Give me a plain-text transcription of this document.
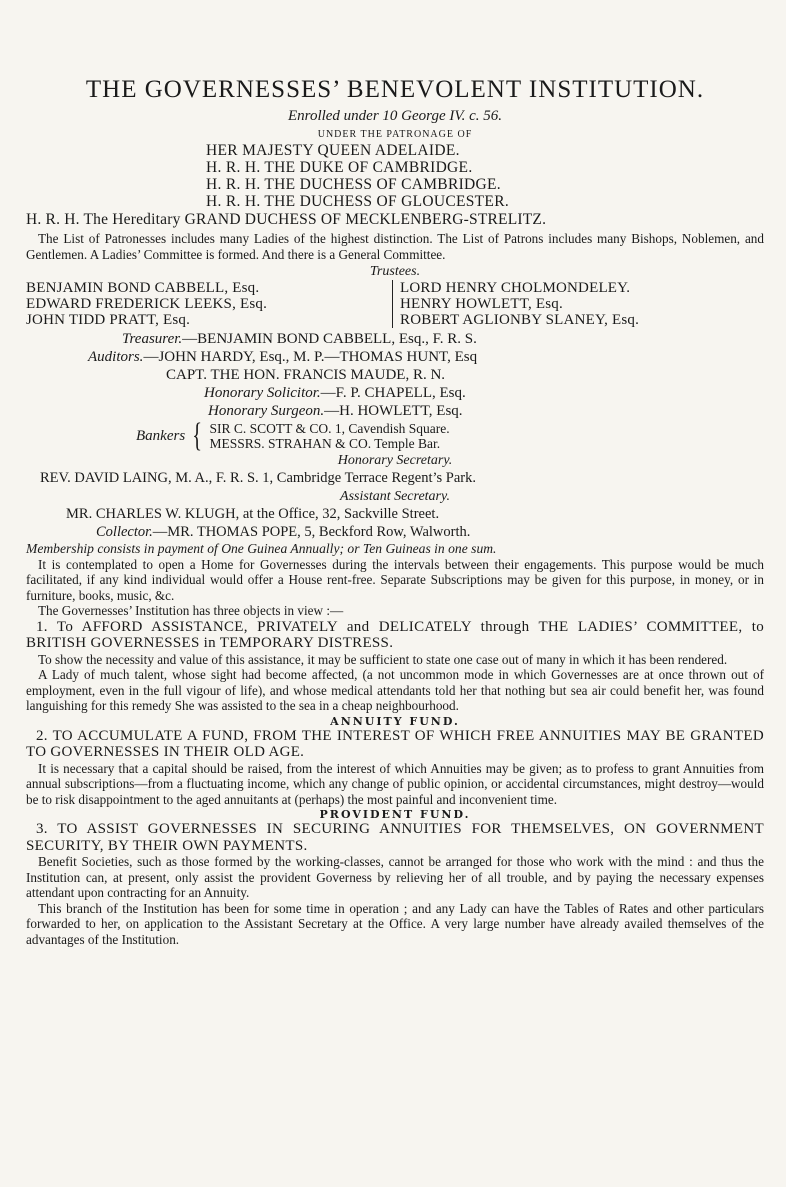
THE GOVERNESSES’ BENEVOLENT INSTITUTION.

Enrolled under 10 George IV. c. 56.

UNDER THE PATRONAGE OF

HER MAJESTY QUEEN ADELAIDE.
H. R. H. THE DUKE OF CAMBRIDGE.
H. R. H. THE DUCHESS OF CAMBRIDGE.
H. R. H. THE DUCHESS OF GLOUCESTER.

H. R. H. The Hereditary GRAND DUCHESS OF MECKLENBERG-STRELITZ.

The List of Patronesses includes many Ladies of the highest distinction. The List of Patrons includes many Bishops, Noblemen, and Gentlemen. A Ladies’ Committee is formed. And there is a General Committee.

Trustees.

BENJAMIN BOND CABBELL, Esq.
EDWARD FREDERICK LEEKS, Esq.
JOHN TIDD PRATT, Esq.
LORD HENRY CHOLMONDELEY.
HENRY HOWLETT, Esq.
ROBERT AGLIONBY SLANEY, Esq.

Treasurer.—BENJAMIN BOND CABBELL, Esq., F. R. S.

Auditors.—JOHN HARDY, Esq., M. P.—THOMAS HUNT, Esq

CAPT. THE HON. FRANCIS MAUDE, R. N.

Honorary Solicitor.—F. P. CHAPELL, Esq.

Honorary Surgeon.—H. HOWLETT, Esq.

Bankers { SIR C. SCOTT & CO. 1, Cavendish Square.
MESSRS. STRAHAN & CO. Temple Bar.

Honorary Secretary.

REV. DAVID LAING, M. A., F. R. S. 1, Cambridge Terrace Regent’s Park.

Assistant Secretary.

MR. CHARLES W. KLUGH, at the Office, 32, Sackville Street.

Collector.—MR. THOMAS POPE, 5, Beckford Row, Walworth.

Membership consists in payment of One Guinea Annually; or Ten Guineas in one sum.

It is contemplated to open a Home for Governesses during the intervals between their engagements. This purpose would be much facilitated, if any kind individual would offer a House rent-free. Separate Subscriptions may be given for this purpose, in money, or in furniture, books, music, &c.

The Governesses’ Institution has three objects in view :—

1. To AFFORD ASSISTANCE, PRIVATELY and DELICATELY through THE LADIES’ COMMITTEE, to BRITISH GOVERNESSES in TEMPORARY DISTRESS.

To show the necessity and value of this assistance, it may be sufficient to state one case out of many in which it has been rendered.

A Lady of much talent, whose sight had become affected, (a not uncommon mode in which Governesses are at once thrown out of employment, even in the full vigour of life), and whose medical attendants told her that nothing but sea air could benefit her, was found languishing for this remedy She was assisted to the sea in a cheap neighbourhood.

ANNUITY FUND.

2. TO ACCUMULATE A FUND, FROM THE INTEREST OF WHICH FREE ANNUITIES MAY BE GRANTED TO GOVERNESSES IN THEIR OLD AGE.

It is necessary that a capital should be raised, from the interest of which Annuities may be given; as to profess to grant Annuities from annual subscriptions—from a fluctuating income, which any change of public opinion, or accidental circumstances, might destroy—would be to risk disappointment to the aged annuitants at (perhaps) the most painful and inconvenient time.

PROVIDENT FUND.

3. TO ASSIST GOVERNESSES IN SECURING ANNUITIES FOR THEMSELVES, ON GOVERNMENT SECURITY, BY THEIR OWN PAYMENTS.

Benefit Societies, such as those formed by the working-classes, cannot be arranged for those who work with the mind : and thus the Institution can, at present, only assist the provident Governess by relieving her of all trouble, and by paying the necessary expenses attendant upon contracting for an Annuity.

This branch of the Institution has been for some time in operation ; and any Lady can have the Tables of Rates and other particulars forwarded to her, on application to the Assistant Secretary at the Office. A very large number have already availed themselves of the advantages of the Institution.
